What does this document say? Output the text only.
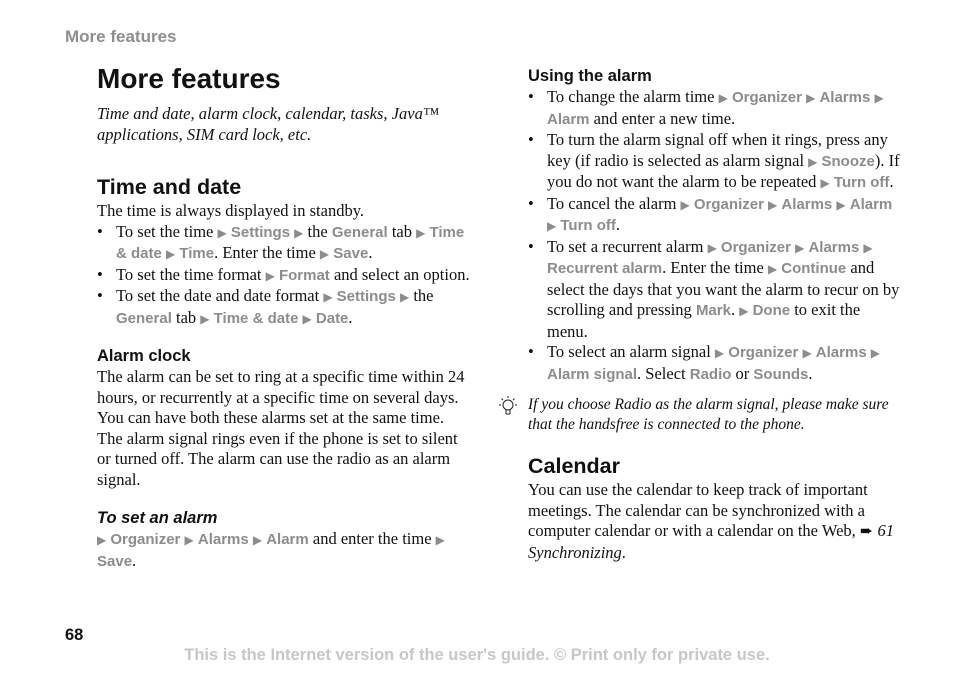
More features
More features

Time and date, alarm clock, calendar, tasks, Java™ applications, SIM card lock, etc.

Time and date

The time is always displayed in standby.

• To set the time ▶ Settings ▶ the General tab ▶ Time & date ▶ Time. Enter the time ▶ Save.
• To set the time format ▶ Format and select an option.
• To set the date and date format ▶ Settings ▶ the General tab ▶ Time & date ▶ Date.
Alarm clock

The alarm can be set to ring at a specific time within 24 hours, or recurrently at a specific time on several days. You can have both these alarms set at the same time. The alarm signal rings even if the phone is set to silent or turned off. The alarm can use the radio as an alarm signal.

To set an alarm

▶ Organizer ▶ Alarms ▶ Alarm and enter the time ▶ Save.

Using the alarm
• To change the alarm time ▶ Organizer ▶ Alarms ▶ Alarm and enter a new time.
• To turn the alarm signal off when it rings, press any key (if radio is selected as alarm signal ▶ Snooze). If you do not want the alarm to be repeated ▶ Turn off.
• To cancel the alarm ▶ Organizer ▶ Alarms ▶ Alarm ▶ Turn off.
• To set a recurrent alarm ▶ Organizer ▶ Alarms ▶ Recurrent alarm. Enter the time ▶ Continue and select the days that you want the alarm to recur on by scrolling and pressing Mark. ▶ Done to exit the menu.
• To select an alarm signal ▶ Organizer ▶ Alarms ▶ Alarm signal. Select Radio or Sounds.
If you choose Radio as the alarm signal, please make sure that the handsfree is connected to the phone.
Calendar

You can use the calendar to keep track of important meetings. The calendar can be synchronized with a computer calendar or with a calendar on the Web, ➨ 61 Synchronizing.

68
This is the Internet version of the user's guide. © Print only for private use.
